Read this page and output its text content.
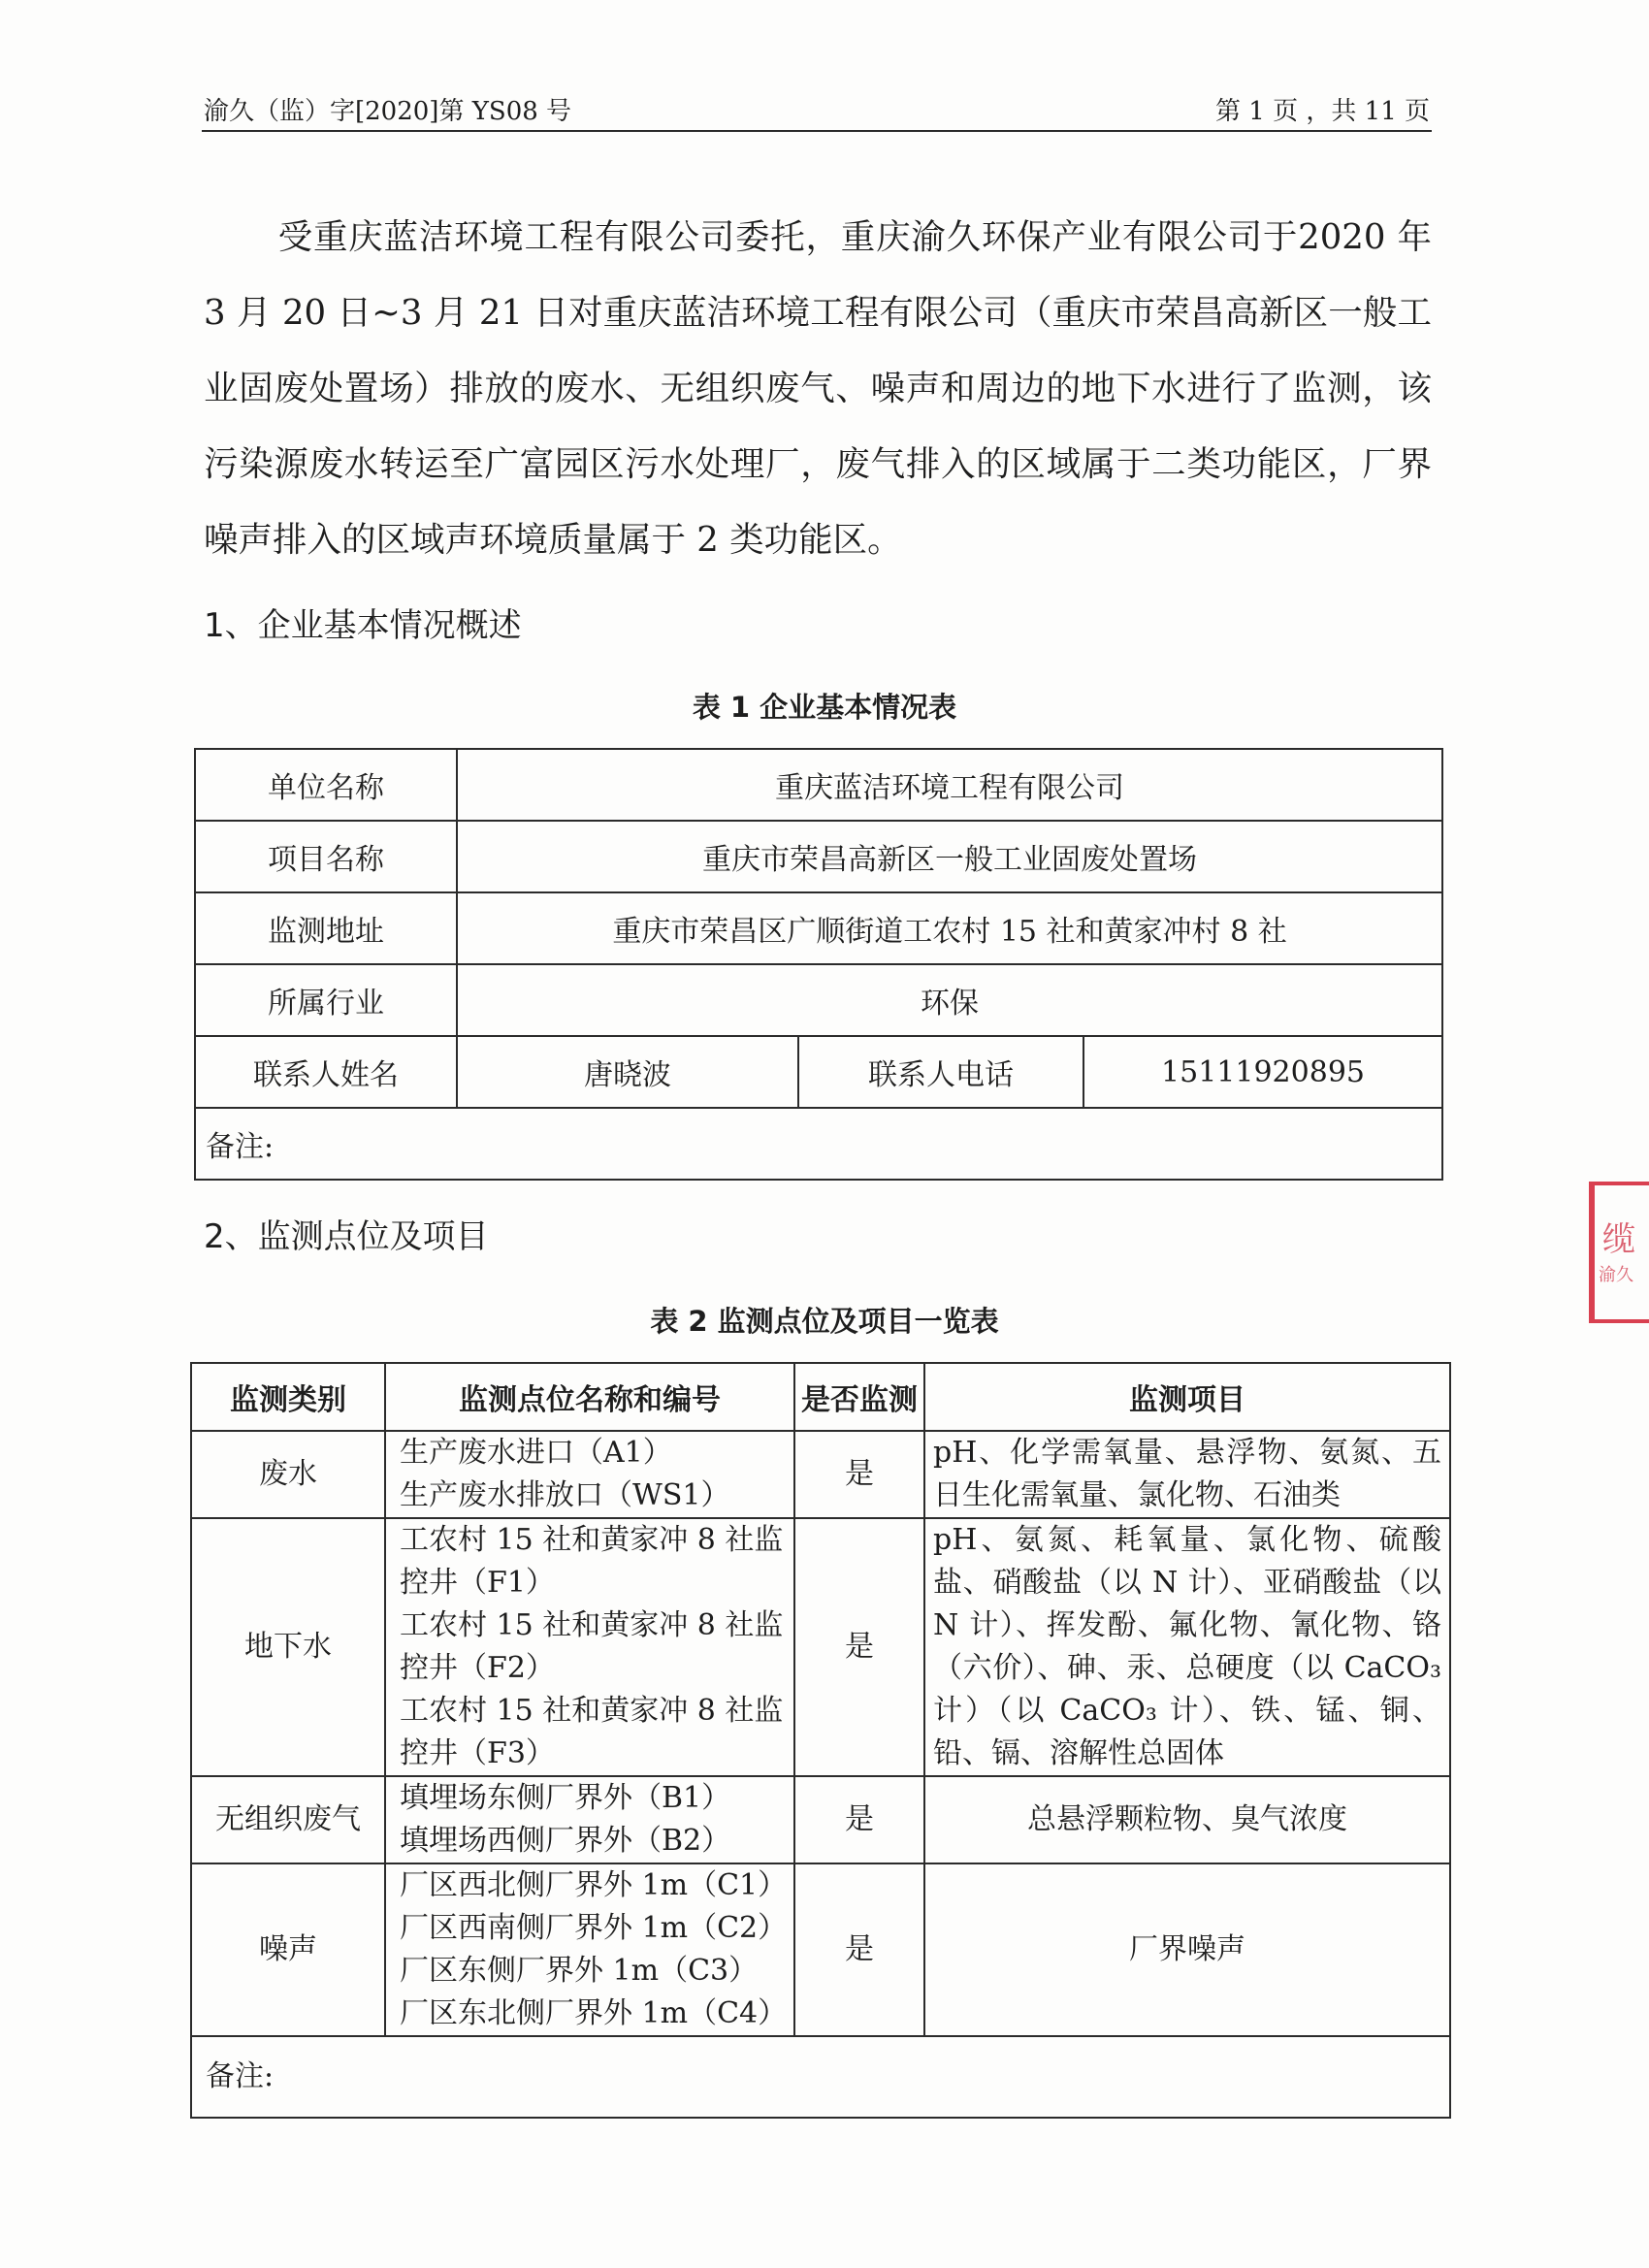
渝久（监）字[2020]第 YS08 号	第 1 页 ，共 11 页

受重庆蓝洁环境工程有限公司委托，重庆渝久环保产业有限公司于2020 年 3 月 20 日~3 月 21 日对重庆蓝洁环境工程有限公司（重庆市荣昌高新区一般工业固废处置场）排放的废水、无组织废气、噪声和周边的地下水进行了监测，该污染源废水转运至广富园区污水处理厂，废气排入的区域属于二类功能区，厂界噪声排入的区域声环境质量属于 2 类功能区。

1、企业基本情况概述
表 1 企业基本情况表
单位名称	重庆蓝洁环境工程有限公司		
项目名称	重庆市荣昌高新区一般工业固废处置场		
监测地址	重庆市荣昌区广顺街道工农村 15 社和黄家冲村 8 社		
所属行业	环保		
联系人姓名	唐晓波	联系人电话	15111920895
备注:			
2、监测点位及项目
表 2 监测点位及项目一览表
监测类别	监测点位名称和编号	是否监测	监测项目
废水	生产废水进口（A1）
生产废水排放口（WS1）	是	pH、化学需氧量、悬浮物、氨氮、五日生化需氧量、氯化物、石油类
地下水	工农村 15 社和黄家冲 8 社监控井（F1）
工农村 15 社和黄家冲 8 社监控井（F2）
工农村 15 社和黄家冲 8 社监控井（F3）	是	pH、氨氮、耗氧量、氯化物、硫酸盐、硝酸盐（以 N 计）、亚硝酸盐（以 N 计）、挥发酚、氟化物、氰化物、铬（六价）、砷、汞、总硬度（以 CaCO₃ 计）（以 CaCO₃ 计）、铁、锰、铜、铅、镉、溶解性总固体
无组织废气	填埋场东侧厂界外（B1）
填埋场西侧厂界外（B2）	是	总悬浮颗粒物、臭气浓度
噪声	厂区西北侧厂界外 1m（C1）
厂区西南侧厂界外 1m（C2）
厂区东侧厂界外 1m（C3）
厂区东北侧厂界外 1m（C4）	是	厂界噪声
备注:			
缆
渝久
